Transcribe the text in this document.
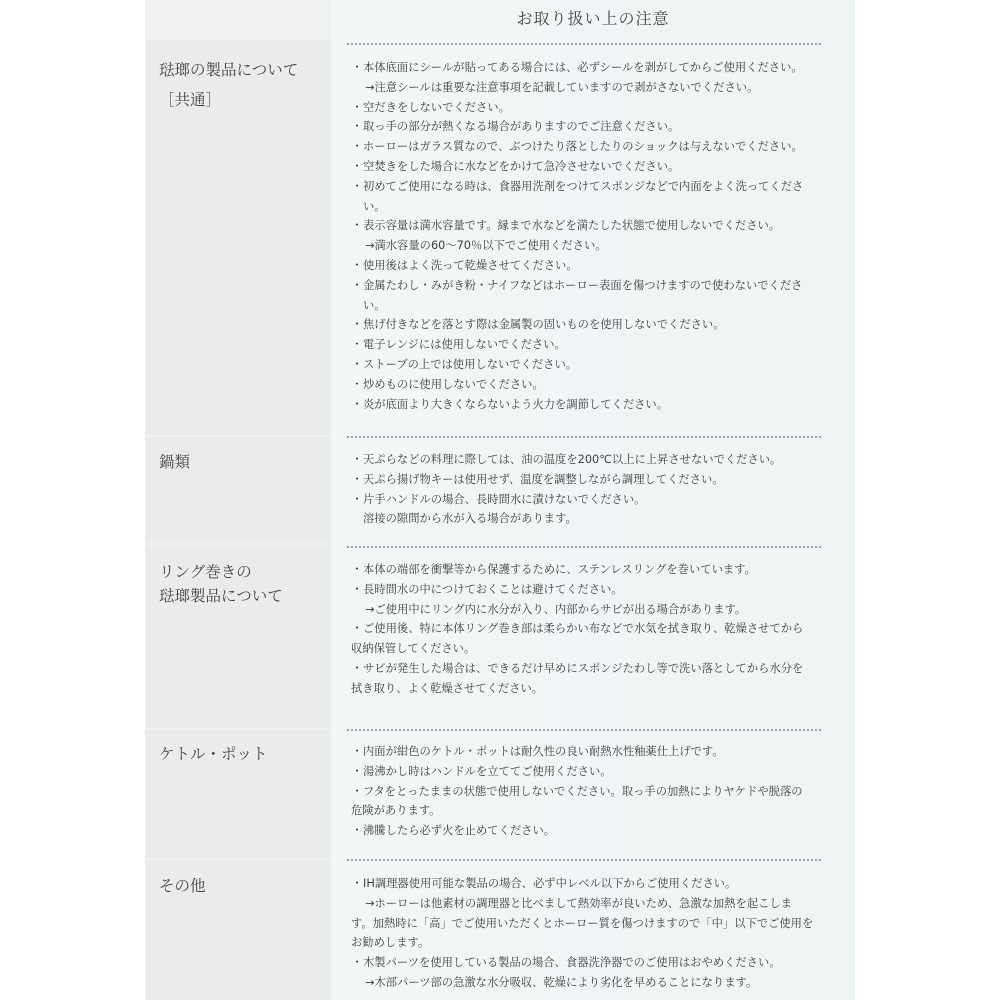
お取り扱い上の注意
琺瑯の製品について
［共通］
・本体底面にシールが貼ってある場合には、必ずシールを剥がしてからご使用ください。
→注意シールは重要な注意事項を記載していますので剥がさないでください。
・空だきをしないでください。
・取っ手の部分が熱くなる場合がありますのでご注意ください。
・ホーローはガラス質なので、ぶつけたり落としたりのショックは与えないでください。
・空焚きをした場合に水などをかけて急冷させないでください。
・初めてご使用になる時は、食器用洗剤をつけてスポンジなどで内面をよく洗ってくださ
い。
・表示容量は満水容量です。縁まで水などを満たした状態で使用しないでください。
→満水容量の60～70％以下でご使用ください。
・使用後はよく洗って乾燥させてください。
・金属たわし・みがき粉・ナイフなどはホーロー表面を傷つけますので使わないでくださ
い。
・焦げ付きなどを落とす際は金属製の固いものを使用しないでください。
・電子レンジには使用しないでください。
・ストーブの上では使用しないでください。
・炒めものに使用しないでください。
・炎が底面より大きくならないよう火力を調節してください。
鍋類	・天ぷらなどの料理に際しては、油の温度を200℃以上に上昇させないでください。
・天ぷら揚げ物キーは使用せず、温度を調整しながら調理してください。
・片手ハンドルの場合、長時間水に漬けないでください。
溶接の隙間から水が入る場合があります。
リング巻きの
琺瑯製品について
・本体の端部を衝撃等から保護するために、ステンレスリングを巻いています。
・長時間水の中につけておくことは避けてください。
→ご使用中にリング内に水分が入り、内部からサビが出る場合があります。
・ご使用後、特に本体リング巻き部は柔らかい布などで水気を拭き取り、乾燥させてから
収納保管してください。
・サビが発生した場合は、できるだけ早めにスポンジたわし等で洗い落としてから水分を
拭き取り、よく乾燥させてください。
ケトル・ポット	・内面が紺色のケトル・ポットは耐久性の良い耐熱水性釉薬仕上げです。
・湯沸かし時はハンドルを立ててご使用ください。
・フタをとったままの状態で使用しないでください。取っ手の加熱によりヤケドや脱落の
危険があります。
・沸騰したら必ず火を止めてください。
その他	・IH調理器使用可能な製品の場合、必ず中レベル以下からご使用ください。
→ホーローは他素材の調理器と比べまして熱効率が良いため、急激な加熱を起こしま
す。加熱時に「高」でご使用いただくとホーロー質を傷つけますので「中」以下でご使用を
お勧めします。
・木製パーツを使用している製品の場合、食器洗浄器でのご使用はおやめください。
→木部パーツ部の急激な水分吸収、乾燥により劣化を早めることになります。
